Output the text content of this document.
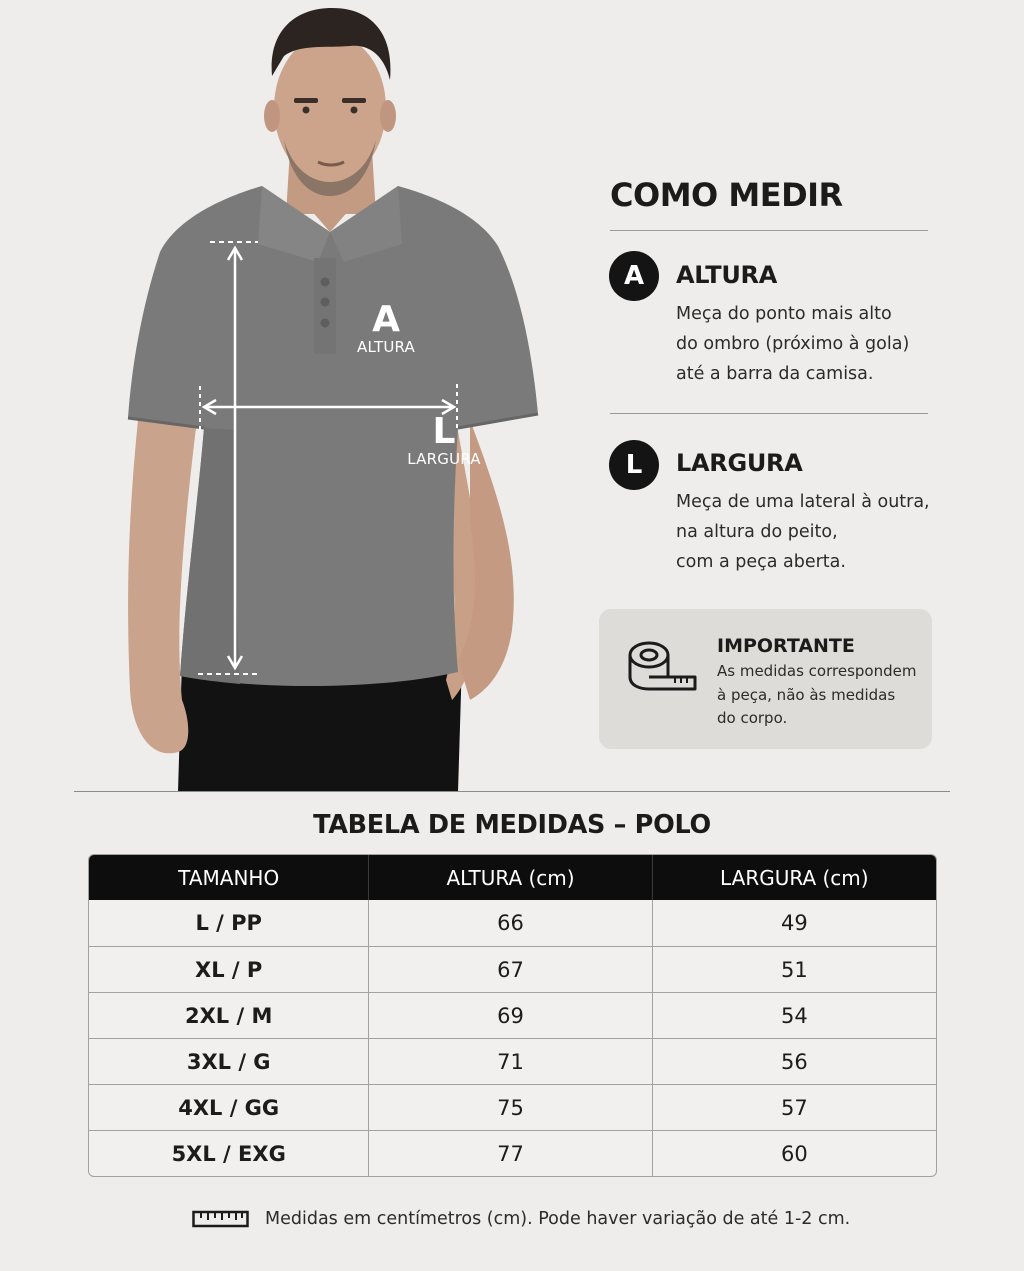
A
ALTURA
L
LARGURA
COMO MEDIR
A	ALTURA
Meça do ponto mais alto
do ombro (próximo à gola)
até a barra da camisa.
L	LARGURA
Meça de uma lateral à outra,
na altura do peito,
com a peça aberta.
IMPORTANTE
As medidas correspondem
à peça, não às medidas
do corpo.
TABELA DE MEDIDAS – POLO
TAMANHO	ALTURA (cm)	LARGURA (cm)
L / PP	66	49
XL / P	67	51
2XL / M	69	54
3XL / G	71	56
4XL / GG	75	57
5XL / EXG	77	60
Medidas em centímetros (cm). Pode haver variação de até 1-2 cm.
